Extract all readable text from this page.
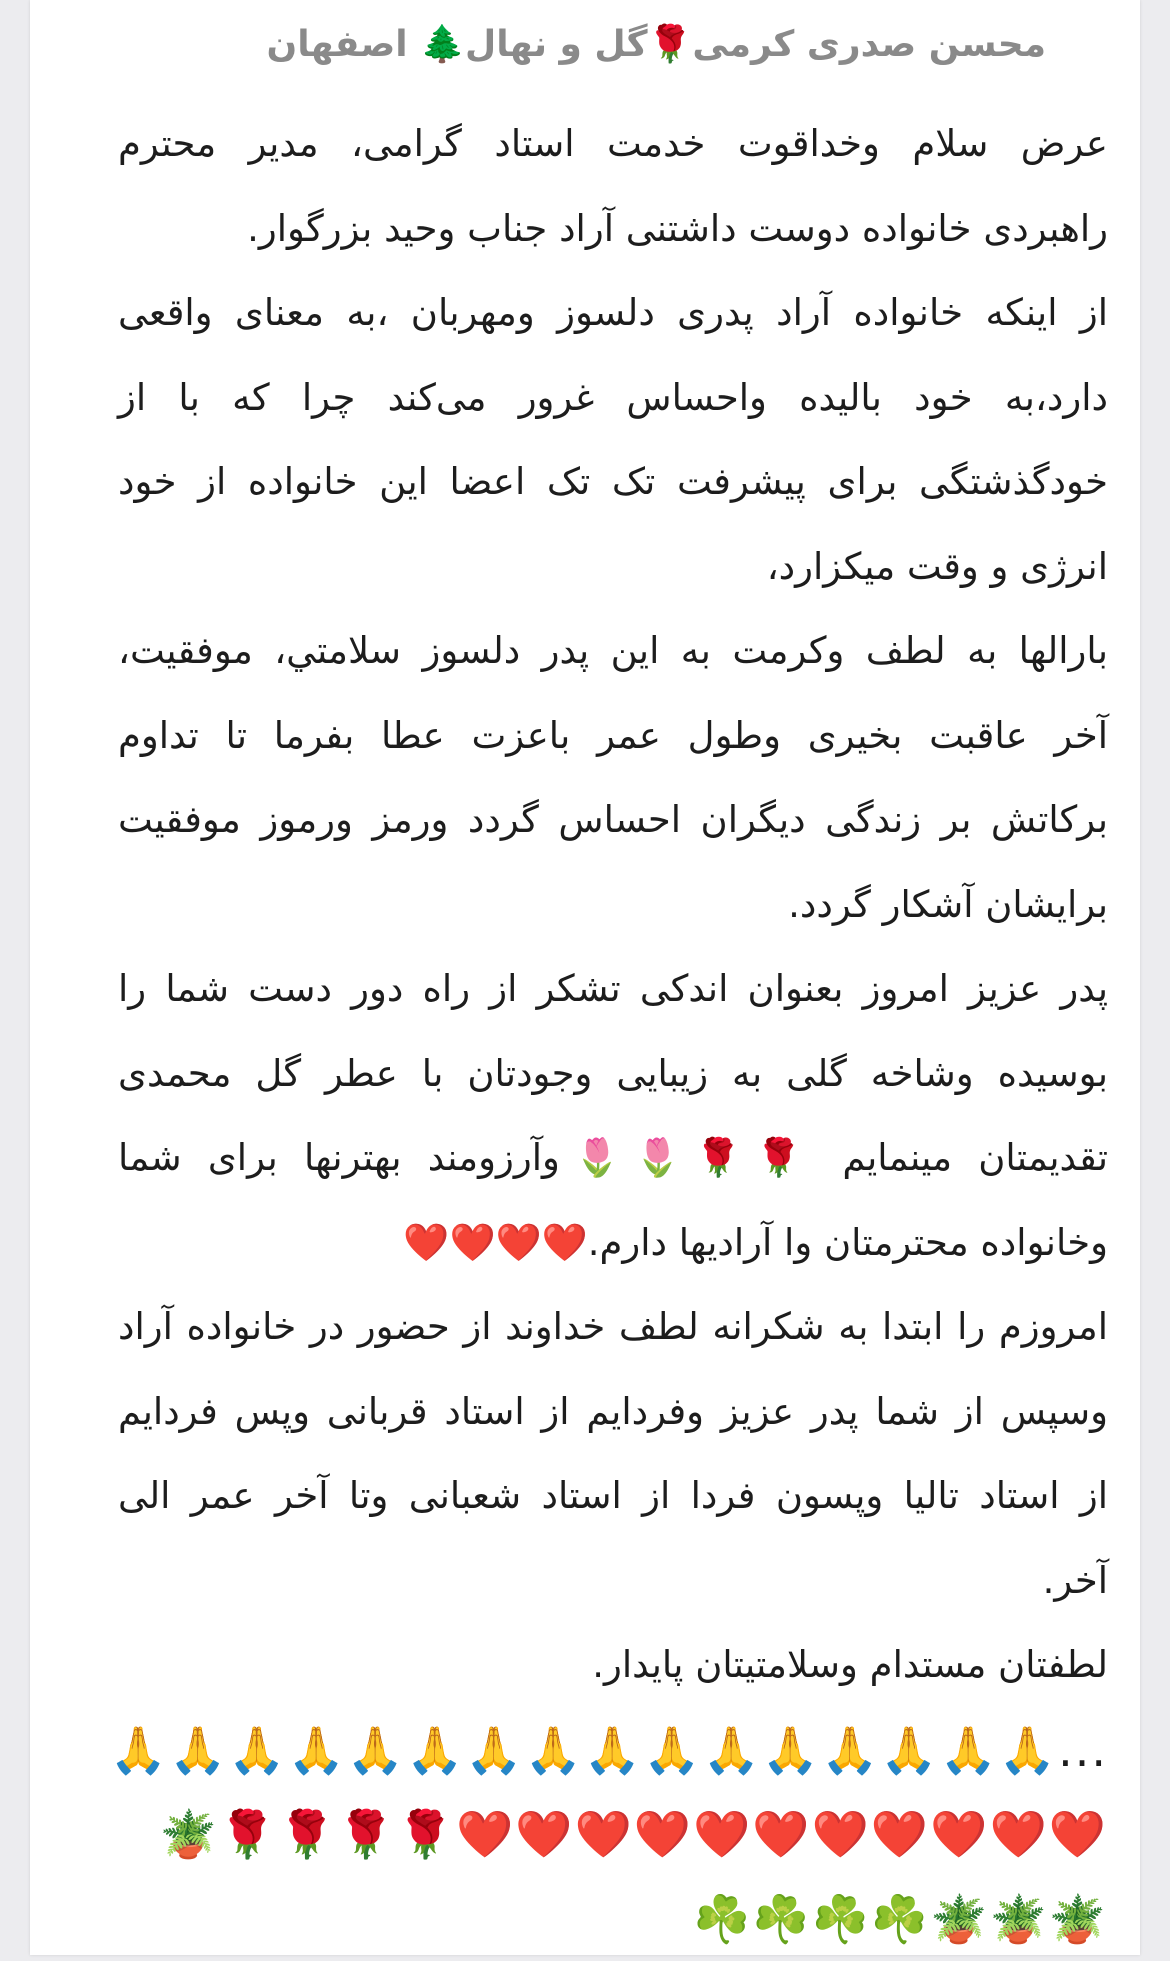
محسن صدری کرمی🌹گل و نهال🌲 اصفهان
عرض سلام وخداقوت خدمت استاد گرامی، مدیر محترم
راهبردی خانواده دوست داشتنی آراد جناب وحید بزرگوار.
از اینکه خانواده آراد پدری دلسوز ومهربان ،به معنای واقعی
دارد،به خود بالیده واحساس غرور می‌کند چرا که با از
خودگذشتگی برای پیشرفت تک تک اعضا این خانواده از خود
انرژی و وقت میکزارد،
بارالها به لطف وکرمت به این پدر دلسوز سلامتي، موفقيت،
آخر عاقبت بخیری وطول عمر باعزت عطا بفرما تا تداوم
برکاتش بر زندگی دیگران احساس گردد ورمز ورموز موفقیت
برایشان آشکار گردد.
پدر عزیز امروز بعنوان اندکی تشکر از راه دور دست شما را
بوسیده وشاخه گلی به زیبایی وجودتان با عطر گل محمدی
تقدیمتان مینمایم 🌹🌹🌷🌷وآرزومند بهترنها برای شما
وخانواده محترمتان وا آرادیها دارم.❤️❤️❤️❤️
امروزم را ابتدا به شکرانه لطف خداوند از حضور در خانواده آراد
وسپس از شما پدر عزیز وفردایم از استاد قربانی وپس فردایم
از استاد تالیا وپسون فردا از استاد شعبانی وتا آخر عمر الی
آخر.
لطفتان مستدام وسلامتیتان پایدار.
...🙏🙏🙏🙏🙏🙏🙏🙏🙏🙏🙏🙏🙏🙏🙏🙏
❤️❤️❤️❤️❤️❤️❤️❤️❤️❤️❤️🌹🌹🌹🌹🪴
🪴🪴🪴☘️☘️☘️☘️
